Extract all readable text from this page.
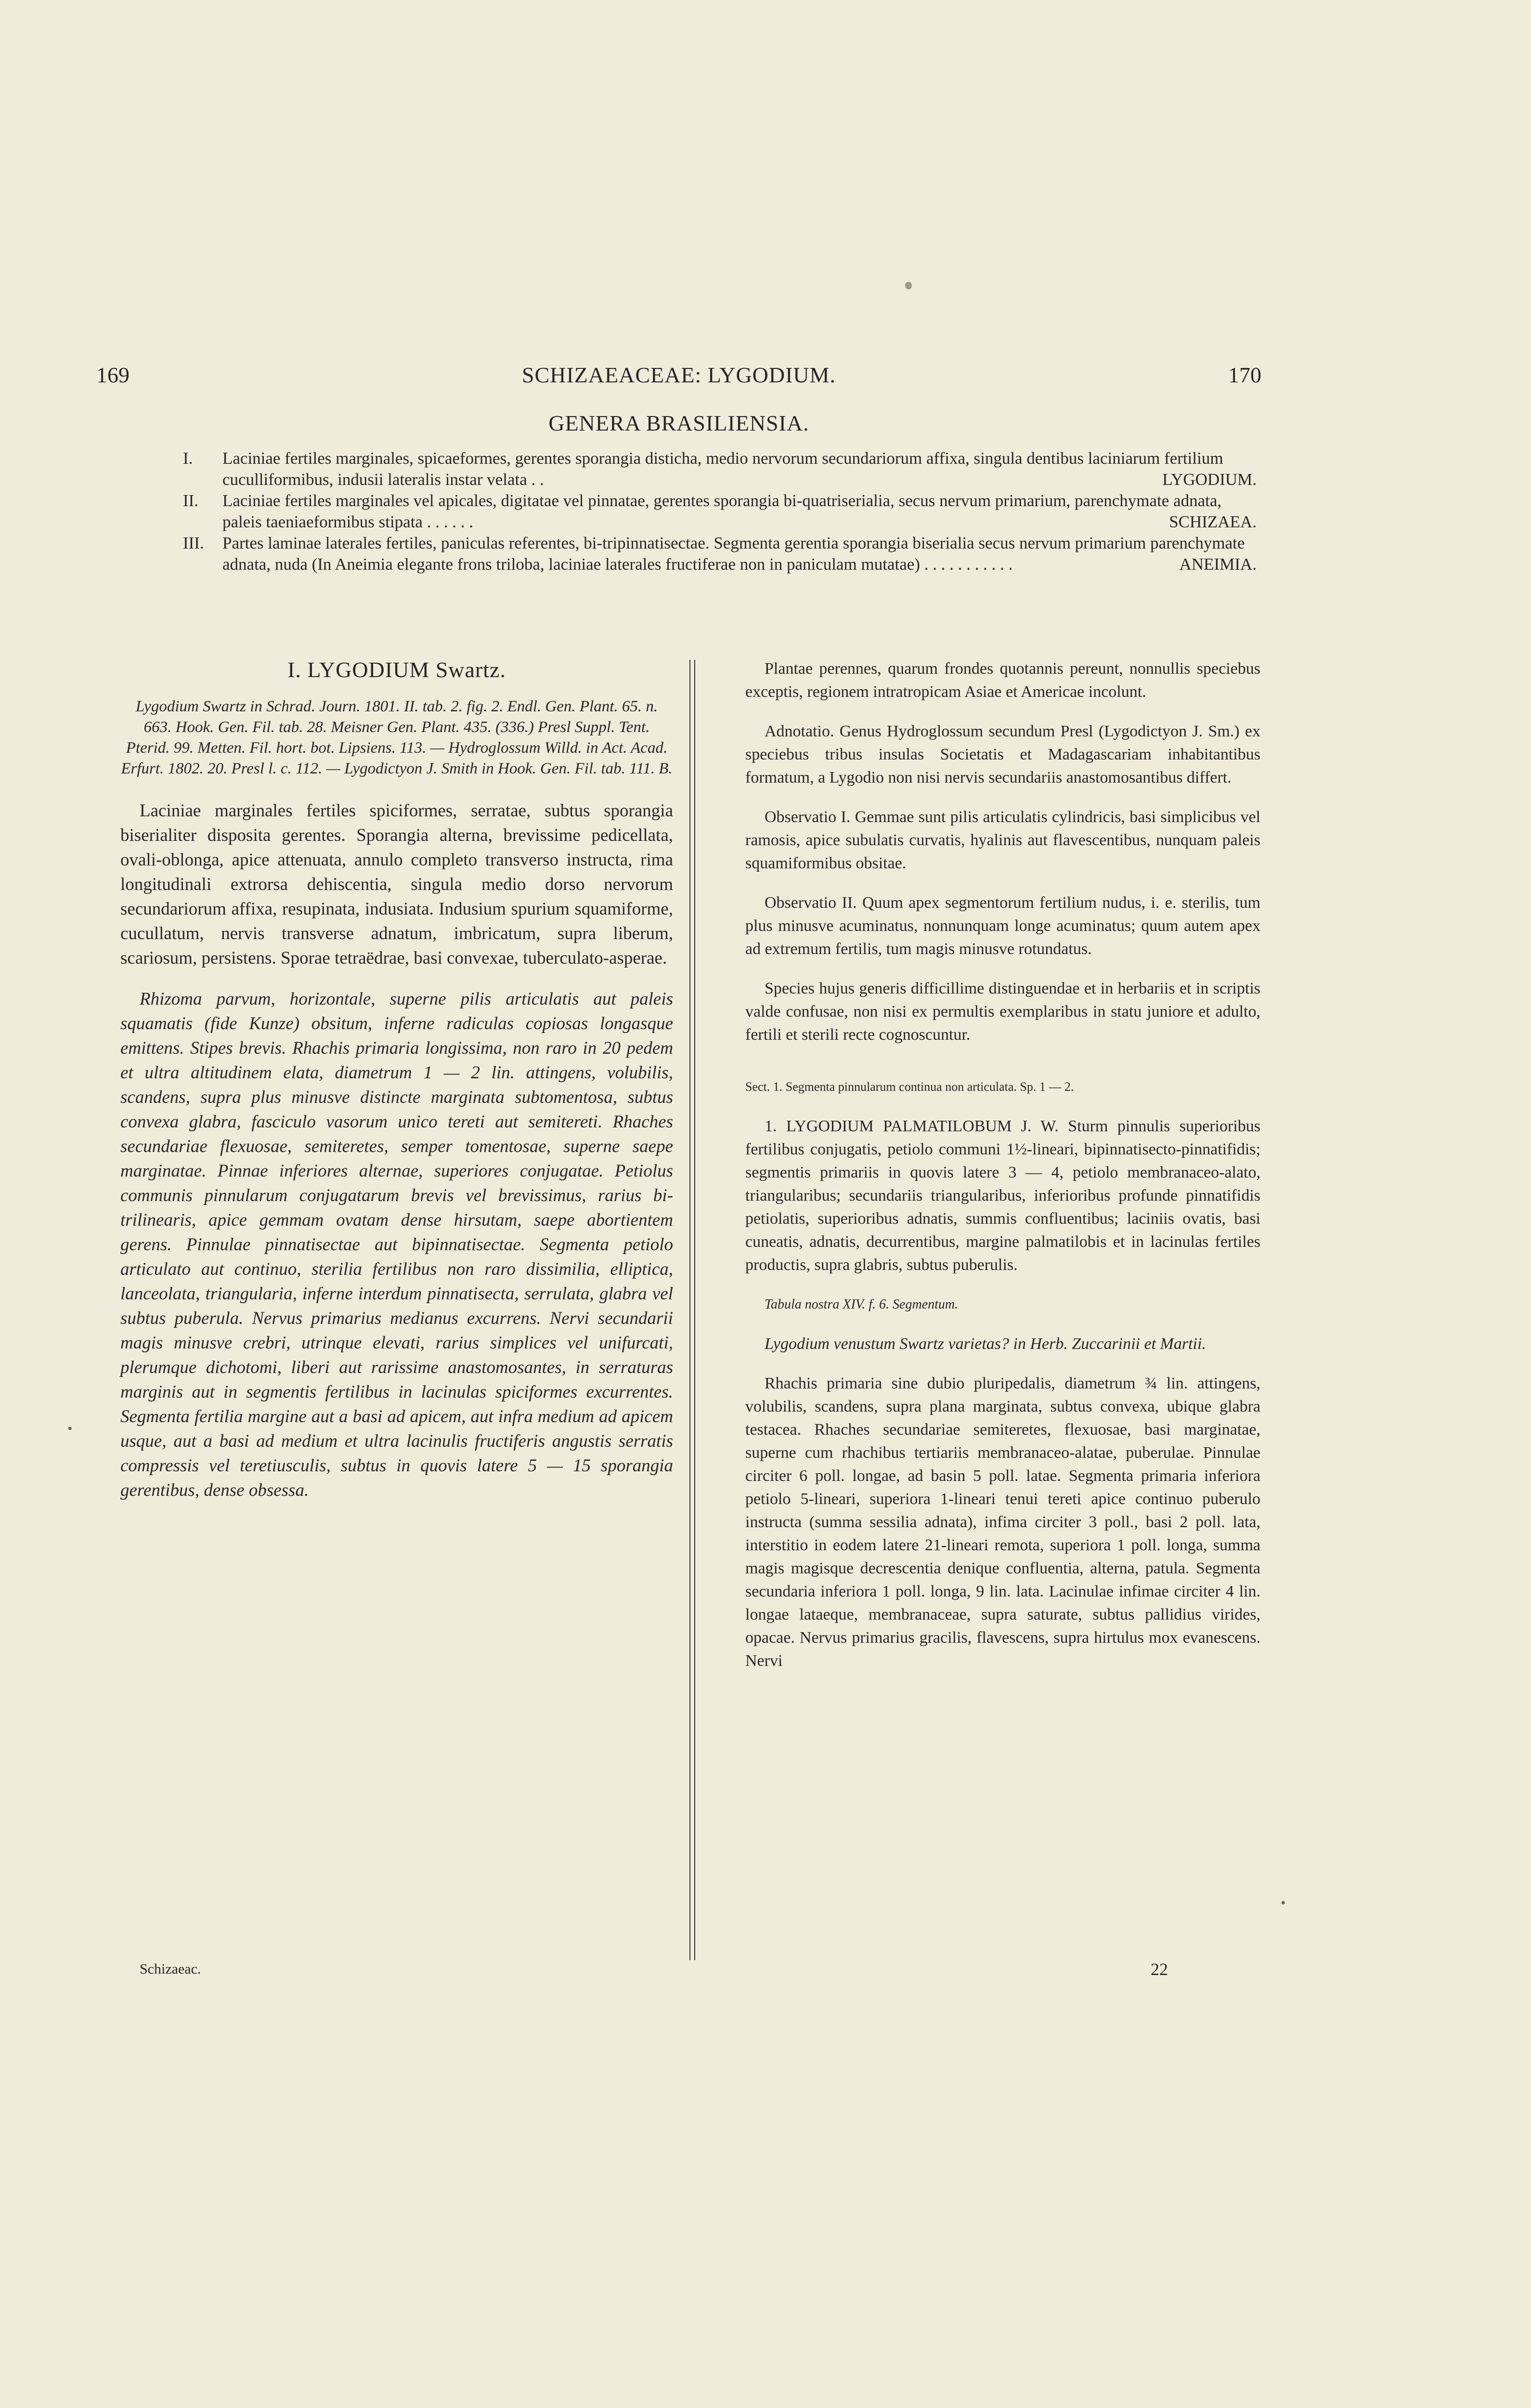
169	SCHIZAEACEAE: LYGODIUM.	170
GENERA BRASILIENSIA.
I. Laciniae fertiles marginales, spicaeformes, gerentes sporangia disticha, medio nervorum secundariorum affixa, singula dentibus laciniarum fertilium cuculliformibus, indusii lateralis instar velata . .	LYGODIUM.
II. Laciniae fertiles marginales vel apicales, digitatae vel pinnatae, gerentes sporangia bi-quatriserialia, secus nervum primarium, parenchymate adnata, paleis taeniaeformibus stipata . . . . . .	SCHIZAEA.
III. Partes laminae laterales fertiles, paniculas referentes, bi-tripinnatisectae. Segmenta gerentia sporangia biserialia secus nervum primarium parenchymate adnata, nuda (In Aneimia elegante frons triloba, laciniae laterales fructiferae non in paniculam mutatae) . . . . . . . . . . .	ANEIMIA.
I. LYGODIUM Swartz.
Lygodium Swartz in Schrad. Journ. 1801. II. tab. 2. fig. 2. Endl. Gen. Plant. 65. n. 663. Hook. Gen. Fil. tab. 28. Meisner Gen. Plant. 435. (336.) Presl Suppl. Tent. Pterid. 99. Metten. Fil. hort. bot. Lipsiens. 113. — Hydroglossum Willd. in Act. Acad. Erfurt. 1802. 20. Presl l. c. 112. — Lygodictyon J. Smith in Hook. Gen. Fil. tab. 111. B.
Laciniae marginales fertiles spiciformes, serratae, subtus sporangia biserialiter disposita gerentes. Sporangia alterna, brevissime pedicellata, ovali-oblonga, apice attenuata, annulo completo transverso instructa, rima longitudinali extrorsa dehiscentia, singula medio dorso nervorum secundariorum affixa, resupinata, indusiata. Indusium spurium squamiforme, cucullatum, nervis transverse adnatum, imbricatum, supra liberum, scariosum, persistens. Sporae tetraëdrae, basi convexae, tuberculato-asperae.
Rhizoma parvum, horizontale, superne pilis articulatis aut paleis squamatis (fide Kunze) obsitum, inferne radiculas copiosas longasque emittens. Stipes brevis. Rhachis primaria longissima, non raro in 20 pedem et ultra altitudinem elata, diametrum 1 — 2 lin. attingens, volubilis, scandens, supra plus minusve distincte marginata subtomentosa, subtus convexa glabra, fasciculo vasorum unico tereti aut semitereti. Rhaches secundariae flexuosae, semiteretes, semper tomentosae, superne saepe marginatae. Pinnae inferiores alternae, superiores conjugatae. Petiolus communis pinnularum conjugatarum brevis vel brevissimus, rarius bi-trilinearis, apice gemmam ovatam dense hirsutam, saepe abortientem gerens. Pinnulae pinnatisectae aut bipinnatisectae. Segmenta petiolo articulato aut continuo, sterilia fertilibus non raro dissimilia, elliptica, lanceolata, triangularia, inferne interdum pinnatisecta, serrulata, glabra vel subtus puberula. Nervus primarius medianus excurrens. Nervi secundarii magis minusve crebri, utrinque elevati, rarius simplices vel unifurcati, plerumque dichotomi, liberi aut rarissime anastomosantes, in serraturas marginis aut in segmentis fertilibus in lacinulas spiciformes excurrentes. Segmenta fertilia margine aut a basi ad apicem, aut infra medium ad apicem usque, aut a basi ad medium et ultra lacinulis fructiferis angustis serratis compressis vel teretiusculis, subtus in quovis latere 5 — 15 sporangia gerentibus, dense obsessa.
Plantae perennes, quarum frondes quotannis pereunt, nonnullis speciebus exceptis, regionem intratropicam Asiae et Americae incolunt.
Adnotatio. Genus Hydroglossum secundum Presl (Lygodictyon J. Sm.) ex speciebus tribus insulas Societatis et Madagascariam inhabitantibus formatum, a Lygodio non nisi nervis secundariis anastomosantibus differt.
Observatio I. Gemmae sunt pilis articulatis cylindricis, basi simplicibus vel ramosis, apice subulatis curvatis, hyalinis aut flavescentibus, nunquam paleis squamiformibus obsitae.
Observatio II. Quum apex segmentorum fertilium nudus, i. e. sterilis, tum plus minusve acuminatus, nonnunquam longe acuminatus; quum autem apex ad extremum fertilis, tum magis minusve rotundatus.
Species hujus generis difficillime distinguendae et in herbariis et in scriptis valde confusae, non nisi ex permultis exemplaribus in statu juniore et adulto, fertili et sterili recte cognoscuntur.
Sect. 1. Segmenta pinnularum continua non articulata. Sp. 1 — 2.
1. LYGODIUM PALMATILOBUM J. W. Sturm pinnulis superioribus fertilibus conjugatis, petiolo communi 1½-lineari, bipinnatisecto-pinnatifidis; segmentis primariis in quovis latere 3 — 4, petiolo membranaceo-alato, triangularibus; secundariis triangularibus, inferioribus profunde pinnatifidis petiolatis, superioribus adnatis, summis confluentibus; laciniis ovatis, basi cuneatis, adnatis, decurrentibus, margine palmatilobis et in lacinulas fertiles productis, supra glabris, subtus puberulis.
Tabula nostra XIV. f. 6. Segmentum.
Lygodium venustum Swartz varietas? in Herb. Zuccarinii et Martii.
Rhachis primaria sine dubio pluripedalis, diametrum ¾ lin. attingens, volubilis, scandens, supra plana marginata, subtus convexa, ubique glabra testacea. Rhaches secundariae semiteretes, flexuosae, basi marginatae, superne cum rhachibus tertiariis membranaceo-alatae, puberulae. Pinnulae circiter 6 poll. longae, ad basin 5 poll. latae. Segmenta primaria inferiora petiolo 5-lineari, superiora 1-lineari tenui tereti apice continuo puberulo instructa (summa sessilia adnata), infima circiter 3 poll., basi 2 poll. lata, interstitio in eodem latere 21-lineari remota, superiora 1 poll. longa, summa magis magisque decrescentia denique confluentia, alterna, patula. Segmenta secundaria inferiora 1 poll. longa, 9 lin. lata. Lacinulae infimae circiter 4 lin. longae lataeque, membranaceae, supra saturate, subtus pallidius virides, opacae. Nervus primarius gracilis, flavescens, supra hirtulus mox evanescens. Nervi
•
•
Schizaeac.	22
